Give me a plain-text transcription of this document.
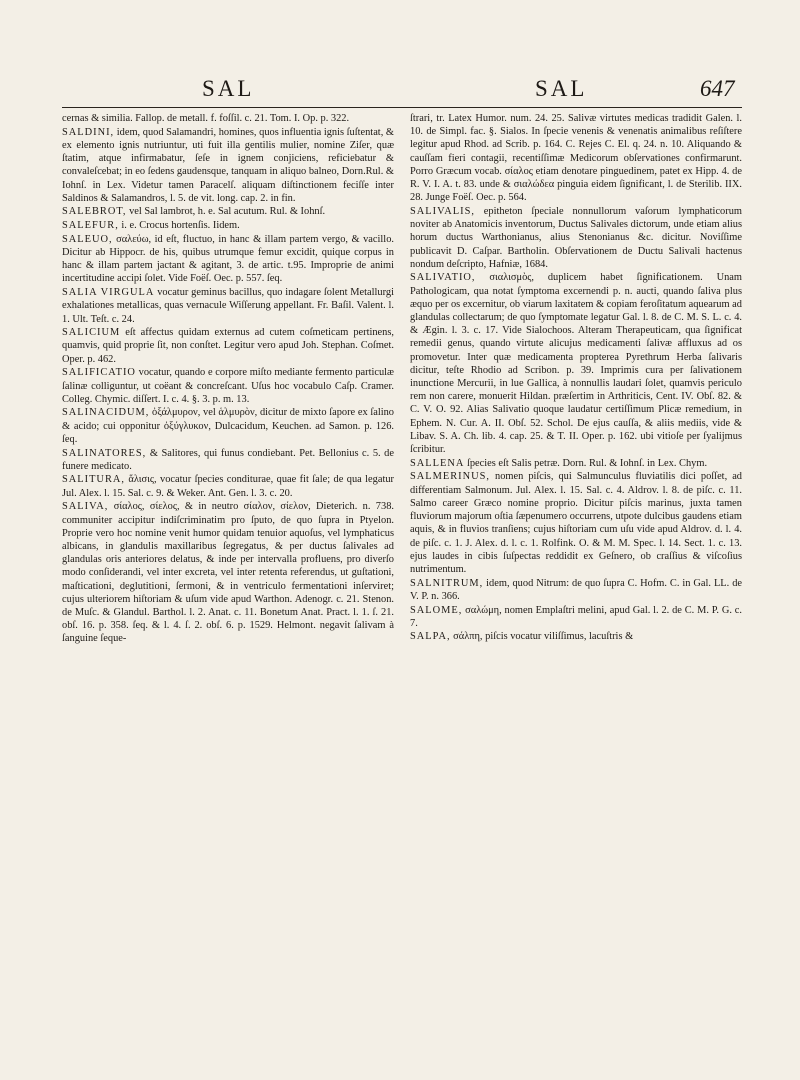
SAL	SAL	647

cernas & similia. Fallop. de metall. f. foſſil. c. 21. Tom. I. Op. p. 322.

SALDINI, idem, quod Salamandri, homines, quos influentia ignis ſuſtentat, & ex elemento ignis nutriuntur, uti fuit illa gentilis mulier, nomine Ziſer, quæ ſtatim, atque infirmabatur, ſeſe in ignem conjiciens, reficiebatur & convaleſcebat; in eo ſedens gaudensque, tanquam in aliquo balneo, Dorn.Rul. & Iohnſ. in Lex. Videtur tamen Paracelſ. aliquam diſtinctionem feciſſe inter Saldinos & Salamandros, l. 5. de vit. long. cap. 2. in fin.

SALEBROT, vel Sal lambrot, h. e. Sal acutum. Rul. & Iohnſ.

SALEFUR, i. e. Crocus hortenſis. Iidem.

SALEUO, σαλεύω, id eſt, fluctuo, in hanc & illam partem vergo, & vacillo. Dicitur ab Hippocr. de his, quibus utrumque femur excidit, quique corpus in hanc & illam partem jactant & agitant, 3. de artic. t.95. Improprie de animi incertitudine accipi ſolet. Vide Foëſ. Oec. p. 557. ſeq.

SALIA VIRGULA vocatur geminus bacillus, quo indagare ſolent Metallurgi exhalationes metallicas, quas vernacule Wiſſerung appellant. Fr. Baſil. Valent. l. 1. Ult. Teſt. c. 24.

SALICIUM eſt affectus quidam externus ad cutem coſmeticam pertinens, quamvis, quid proprie ſit, non conſtet. Legitur vero apud Joh. Stephan. Coſmet. Oper. p. 462.

SALIFICATIO vocatur, quando e corpore miſto mediante fermento particulæ ſalinæ colliguntur, ut coëant & concreſcant. Uſus hoc vocabulo Caſp. Cramer. Colleg. Chymic. diſſert. I. c. 4. §. 3. p. m. 13.

SALINACIDUM, ὀξάλμυρον, vel ἁλμυρὸν, dicitur de mixto ſapore ex ſalino & acido; cui opponitur ὀξύγλυκον, Dulcacidum, Keuchen. ad Samon. p. 126. ſeq.

SALINATORES, & Salitores, qui funus condiebant. Pet. Bellonius c. 5. de funere medicato.

SALITURA, ἅλισις, vocatur ſpecies conditurae, quae fit ſale; de qua legatur Jul. Alex. l. 15. Sal. c. 9. & Weker. Ant. Gen. l. 3. c. 20.

SALIVA, σίαλος, σίελος, & in neutro σίαλον, σίελον, Dieterich. n. 738. communiter accipitur indiſcriminatim pro ſputo, de quo ſupra in Ptyelon. Proprie vero hoc nomine venit humor quidam tenuior aquoſus, vel lymphaticus albicans, in glandulis maxillaribus ſegregatus, & per ductus ſalivales ad glandulas oris anteriores delatus, & inde per intervalla profluens, pro diverſo modo conſiderandi, vel inter excreta, vel inter retenta referendus, ut guſtationi, maſticationi, deglutitioni, ſermoni, & in ventriculo fermentationi inſerviret; cujus ulteriorem hiſtoriam & uſum vide apud Warthon. Adenogr. c. 21. Stenon. de Muſc. & Glandul. Barthol. l. 2. Anat. c. 11. Bonetum Anat. Pract. l. 1. ſ. 21. obſ. 16. p. 358. ſeq. & l. 4. ſ. 2. obſ. 6. p. 1529. Helmont. negavit ſalivam à ſanguine ſeque-

ſtrari, tr. Latex Humor. num. 24. 25. Salivæ virtutes medicas tradidit Galen. l. 10. de Simpl. fac. §. Sialos. In ſpecie venenis & venenatis animalibus reſiſtere legitur apud Rhod. ad Scrib. p. 164. C. Rejes C. El. q. 24. n. 10. Aliquando & cauſſam fieri contagii, recentiſſimæ Medicorum obſervationes confirmarunt. Porro Græcum vocab. σίαλος etiam denotare pinguedinem, patet ex Hipp. 4. de R. V. I. A. t. 83. unde & σιαλώδεα pinguia eidem ſignificant, l. de Sterilib. IIX. 28. Junge Foëſ. Oec. p. 564.

SALIVALIS, epitheton ſpeciale nonnullorum vaſorum lymphaticorum noviter ab Anatomicis inventorum, Ductus Salivales dictorum, unde etiam alius horum ductus Warthonianus, alius Stenonianus &c. dicitur. Noviſſime publicavit D. Caſpar. Bartholin. Obſervationem de Ductu Salivali hactenus nondum deſcripto, Hafniæ, 1684.

SALIVATIO, σιαλισμὸς, duplicem habet ſignificationem. Unam Pathologicam, qua notat ſymptoma excernendi p. n. aucti, quando ſaliva plus æquo per os excernitur, ob viarum laxitatem & copiam feroſitatum aquearum ad glandulas collectarum; de quo ſymptomate legatur Gal. l. 8. de C. M. S. L. c. 4. & Ægin. l. 3. c. 17. Vide Sialochoos. Alteram Therapeuticam, qua ſignificat remedii genus, quando virtute alicujus medicamenti ſalivæ affluxus ad os promovetur. Inter quæ medicamenta propterea Pyrethrum Herba ſalivaris dicitur, teſte Rhodio ad Scribon. p. 39. Imprimis cura per ſalivationem inunctione Mercurii, in lue Gallica, à nonnullis laudari ſolet, quamvis periculo rem non carere, monuerit Hildan. præſertim in Arthriticis, Cent. IV. Obſ. 82. & C. V. O. 92. Alias Salivatio quoque laudatur certiſſimum Plicæ remedium, in Ephem. N. Cur. A. II. Obſ. 52. Schol. De ejus cauſſa, & aliis mediis, vide & Libav. S. A. Ch. lib. 4. cap. 25. & T. II. Oper. p. 162. ubi vitioſe per ſyalijmus ſcribitur.

SALLENA ſpecies eſt Salis petræ. Dorn. Rul. & Iohnſ. in Lex. Chym.

SALMERINUS, nomen piſcis, qui Salmunculus fluviatilis dici poſſet, ad differentiam Salmonum. Jul. Alex. l. 15. Sal. c. 4. Aldrov. l. 8. de piſc. c. 11. Salmo career Græco nomine proprio. Dicitur piſcis marinus, juxta tamen fluviorum majorum oſtia ſæpenumero occurrens, utpote dulcibus gaudens etiam aquis, & in fluvios tranſiens; cujus hiſtoriam cum uſu vide apud Aldrov. d. l. 4. de piſc. c. 1. J. Alex. d. l. c. 1. Rolfink. O. & M. M. Spec. l. 14. Sect. 1. c. 13. ejus laudes in cibis ſuſpectas reddidit ex Geſnero, ob craſſius & viſcoſius nutrimentum.

SALNITRUM, idem, quod Nitrum: de quo ſupra C. Hofm. C. in Gal. LL. de V. P. n. 366.

SALOME, σαλώμη, nomen Emplaſtri melini, apud Gal. l. 2. de C. M. P. G. c. 7.

SALPA, σάλπη, piſcis vocatur viliſſimus, lacuſtris &
